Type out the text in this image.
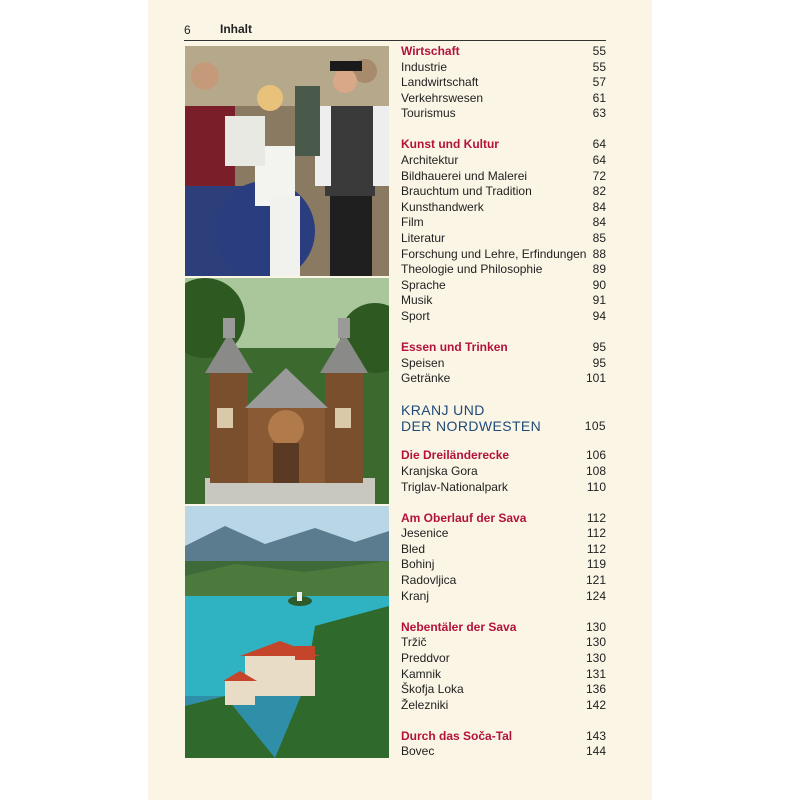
6 Inhalt
Wirtschaft	55
Industrie	55
Landwirtschaft	57
Verkehrswesen	61
Tourismus	63
Kunst und Kultur	64
Architektur	64
Bildhauerei und Malerei	72
Brauchtum und Tradition	82
Kunsthandwerk	84
Film	84
Literatur	85
Forschung und Lehre, Erfindungen 88
Theologie und Philosophie	89
Sprache	90
Musik	91
Sport	94
Essen und Trinken	95
Speisen	95
Getränke	101
KRANJ UND
DER NORDWESTEN	105
Die Dreiländerecke	106
Kranjska Gora	108
Triglav-Nationalpark	110
Am Oberlauf der Sava	112
Jesenice	112
Bled	112
Bohinj	119
Radovljica	121
Kranj	124
Nebentäler der Sava	130
Tržič	130
Preddvor	130
Kamnik	131
Škofja Loka	136
Železniki	142
Durch das Soča-Tal	143
Bovec	144
